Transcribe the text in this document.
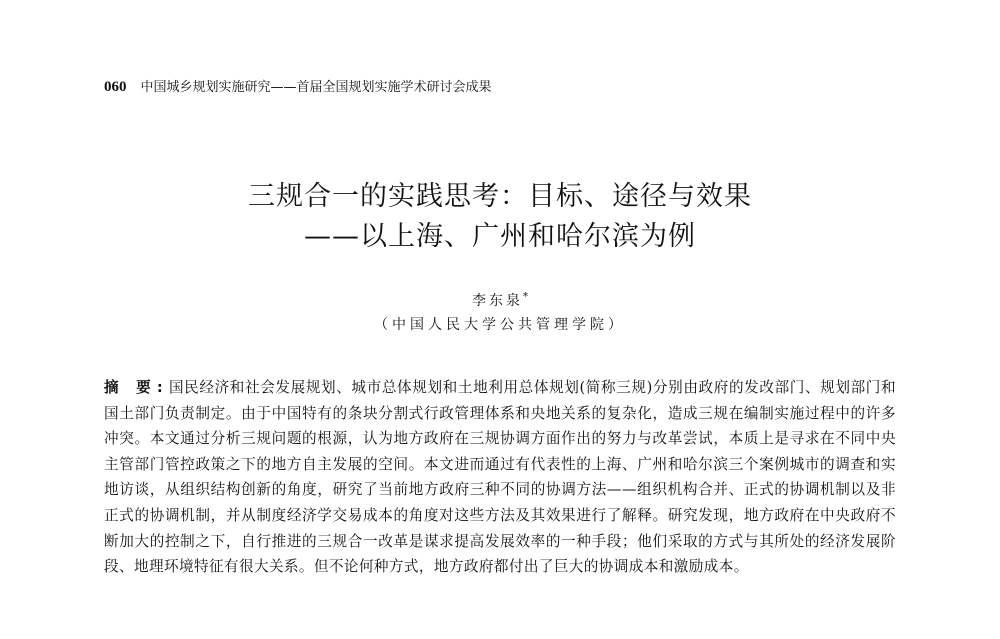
060 中国城乡规划实施研究——首届全国规划实施学术研讨会成果
三规合一的实践思考：目标、途径与效果
——以上海、广州和哈尔滨为例
李东泉*
（中国人民大学公共管理学院）
摘 要:国民经济和社会发展规划、城市总体规划和土地利用总体规划(简称三规)分别由政府的发改部门、规划部门和国土部门负责制定。由于中国特有的条块分割式行政管理体系和央地关系的复杂化，造成三规在编制实施过程中的许多冲突。本文通过分析三规问题的根源，认为地方政府在三规协调方面作出的努力与改革尝试，本质上是寻求在不同中央主管部门管控政策之下的地方自主发展的空间。本文进而通过有代表性的上海、广州和哈尔滨三个案例城市的调查和实地访谈，从组织结构创新的角度，研究了当前地方政府三种不同的协调方法——组织机构合并、正式的协调机制以及非正式的协调机制，并从制度经济学交易成本的角度对这些方法及其效果进行了解释。研究发现，地方政府在中央政府不断加大的控制之下，自行推进的三规合一改革是谋求提高发展效率的一种手段；他们采取的方式与其所处的经济发展阶段、地理环境特征有很大关系。但不论何种方式，地方政府都付出了巨大的协调成本和激励成本。
